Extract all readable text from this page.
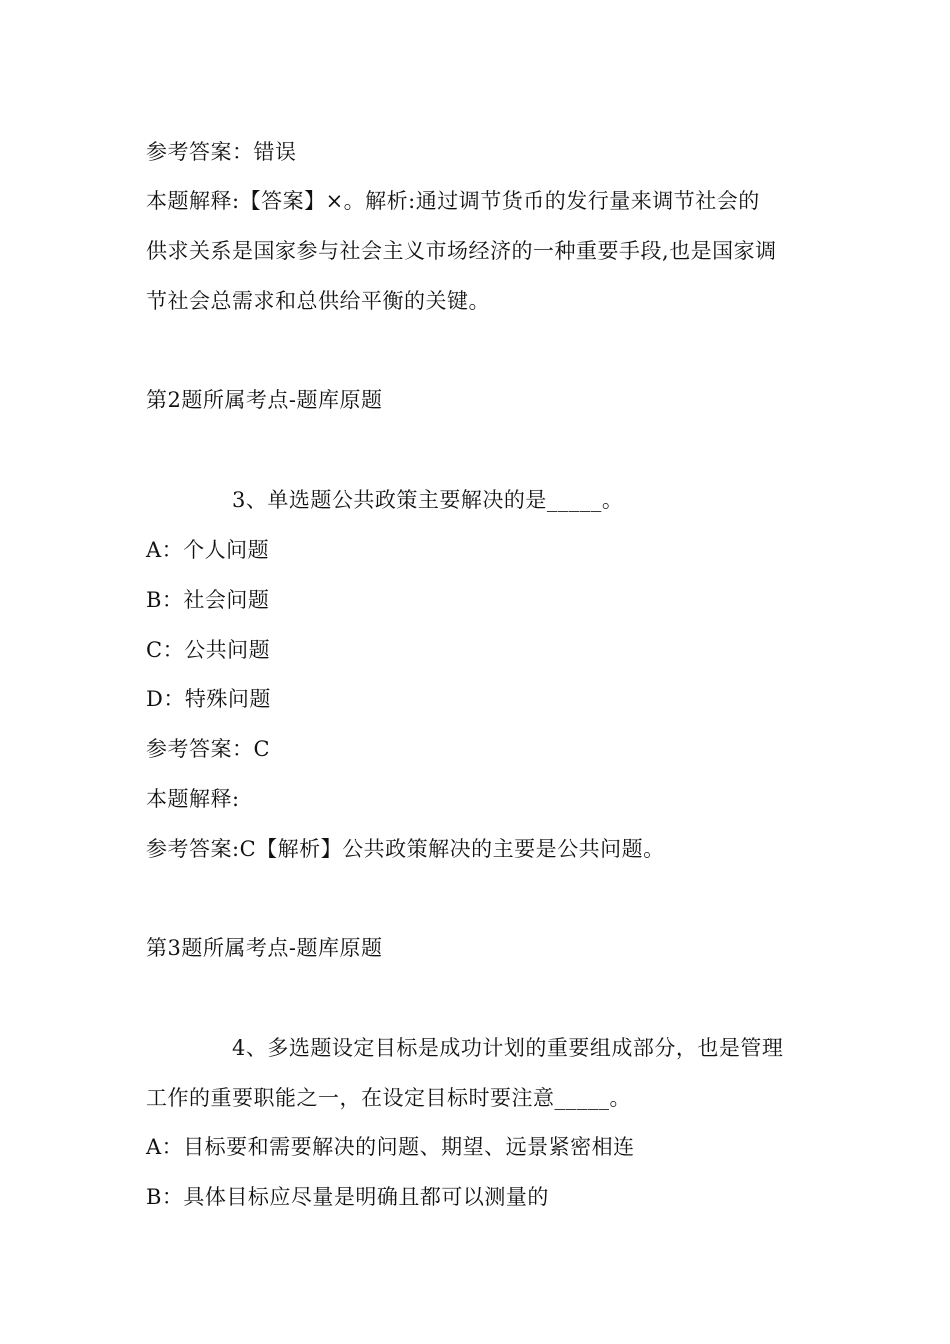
参考答案：错误
本题解释:【答案】×。解析:通过调节货币的发行量来调节社会的
供求关系是国家参与社会主义市场经济的一种重要手段,也是国家调
节社会总需求和总供给平衡的关键。
第2题所属考点-题库原题
3、单选题公共政策主要解决的是_____。
A：个人问题
B：社会问题
C：公共问题
D：特殊问题
参考答案：C
本题解释:
参考答案:C【解析】公共政策解决的主要是公共问题。
第3题所属考点-题库原题
4、多选题设定目标是成功计划的重要组成部分，也是管理
工作的重要职能之一，在设定目标时要注意_____。
A：目标要和需要解决的问题、期望、远景紧密相连
B：具体目标应尽量是明确且都可以测量的
